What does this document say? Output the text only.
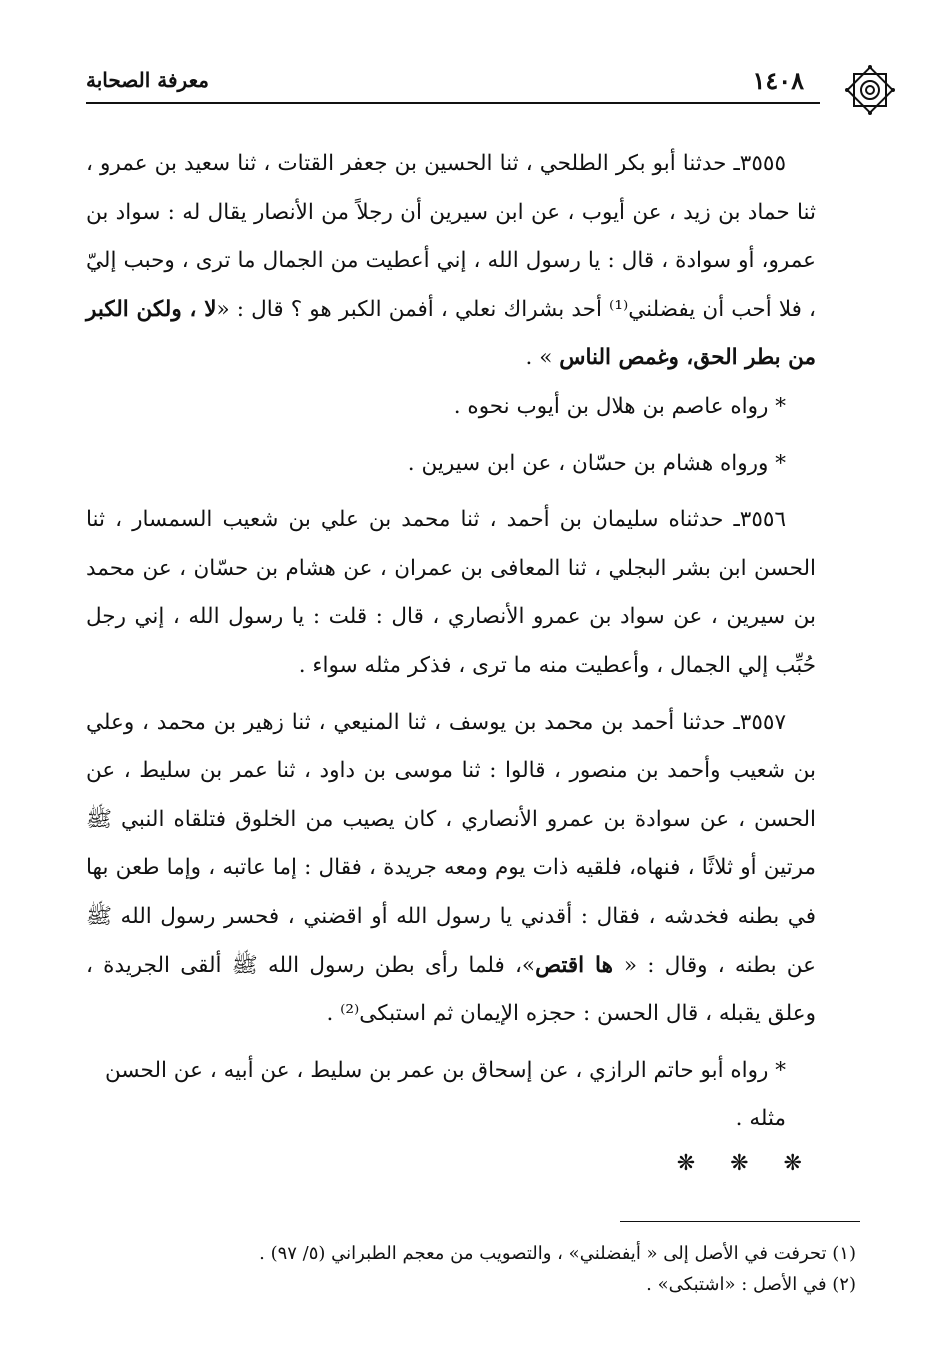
١٤٠٨
معرفة الصحابة

٣٥٥٥ـ حدثنا أبو بكر الطلحي ، ثنا الحسين بن جعفر القتات ، ثنا سعيد بن عمرو ، ثنا حماد بن زيد ، عن أيوب ، عن ابن سيرين أن رجلاً من الأنصار يقال له : سواد بن عمرو، أو سوادة ، قال : يا رسول الله ، إني أعطيت من الجمال ما ترى ، وحبب إليّ ، فلا أحب أن يفضلني⁽¹⁾ أحد بشراك نعلي ، أفمن الكبر هو ؟ قال : «لا ، ولكن الكبر من بطر الحق، وغمص الناس » .

* رواه عاصم بن هلال بن أيوب نحوه .

* ورواه هشام بن حسّان ، عن ابن سيرين .

٣٥٥٦ـ حدثناه سليمان بن أحمد ، ثنا محمد بن علي بن شعيب السمسار ، ثنا الحسن ابن بشر البجلي ، ثنا المعافى بن عمران ، عن هشام بن حسّان ، عن محمد بن سيرين ، عن سواد بن عمرو الأنصاري ، قال : قلت : يا رسول الله ، إني رجل حُبِّب إلي الجمال ، وأعطيت منه ما ترى ، فذكر مثله سواء .

٣٥٥٧ـ حدثنا أحمد بن محمد بن يوسف ، ثنا المنيعي ، ثنا زهير بن محمد ، وعلي بن شعيب وأحمد بن منصور ، قالوا : ثنا موسى بن داود ، ثنا عمر بن سليط ، عن الحسن ، عن سوادة بن عمرو الأنصاري ، كان يصيب من الخلوق فتلقاه النبي ﷺ مرتين أو ثلاثًا ، فنهاه، فلقيه ذات يوم ومعه جريدة ، فقال : إما عاتبه ، وإما طعن بها في بطنه فخدشه ، فقال : أقدني يا رسول الله أو اقضني ، فحسر رسول الله ﷺ عن بطنه ، وقال : « ها اقتص»، فلما رأى بطن رسول الله ﷺ ألقى الجريدة ، وعلق يقبله ، قال الحسن : حجزه الإيمان ثم استبكى⁽²⁾ .

* رواه أبو حاتم الرازي ، عن إسحاق بن عمر بن سليط ، عن أبيه ، عن الحسن مثله .

❋ ❋ ❋

(١) تحرفت في الأصل إلى « أيفضلني» ، والتصويب من معجم الطبراني (٥/ ٩٧) .

(٢) في الأصل : «اشتبكى» .
